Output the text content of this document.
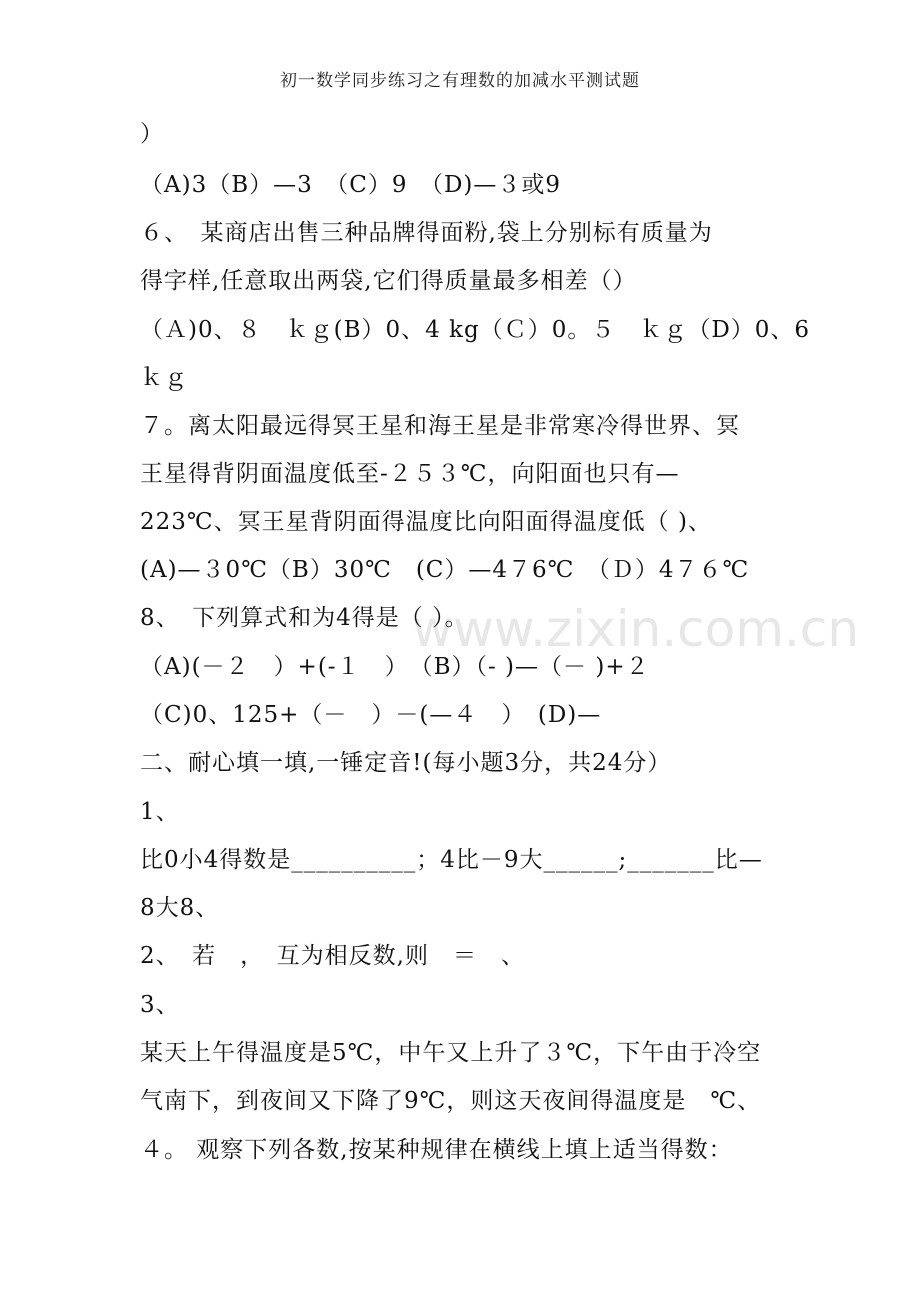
初一数学同步练习之有理数的加减水平测试题
www.zixin.com.cn
）
（A)3（B）—3　（C）9　（D)—３或9
６、　某商店出售三种品牌得面粉,袋上分别标有质量为
得字样,任意取出两袋,它们得质量最多相差（）
（Ａ)0、８　ｋｇ(B）0、4 kg（Ｃ）0。５　ｋｇ（D）0、6
ｋｇ
７。离太阳最远得冥王星和海王星是非常寒冷得世界、冥
王星得背阴面温度低至-２５３℃，向阳面也只有—
223℃、冥王星背阴面得温度比向阳面得温度低（ )、
(A)—３0℃（B）30℃　(C）—4７6℃　（Ｄ）4７６℃
8、　下列算式和为4得是（ ）。
（A)(－２　）+(-１　）　（B）（- )—（－ )+２
（C)0、125+（－　）－(—４　）　(D)—
二、耐心填一填,一锤定音!(每小题3分，共24分）
1、
比0小4得数是__________；4比－9大______;_______比—
8大8、
2、　若　，　互为相反数,则　＝　、
3、
某天上午得温度是5℃，中午又上升了３℃，下午由于冷空
气南下，到夜间又下降了9℃，则这天夜间得温度是　℃、
４。 观察下列各数,按某种规律在横线上填上适当得数：
